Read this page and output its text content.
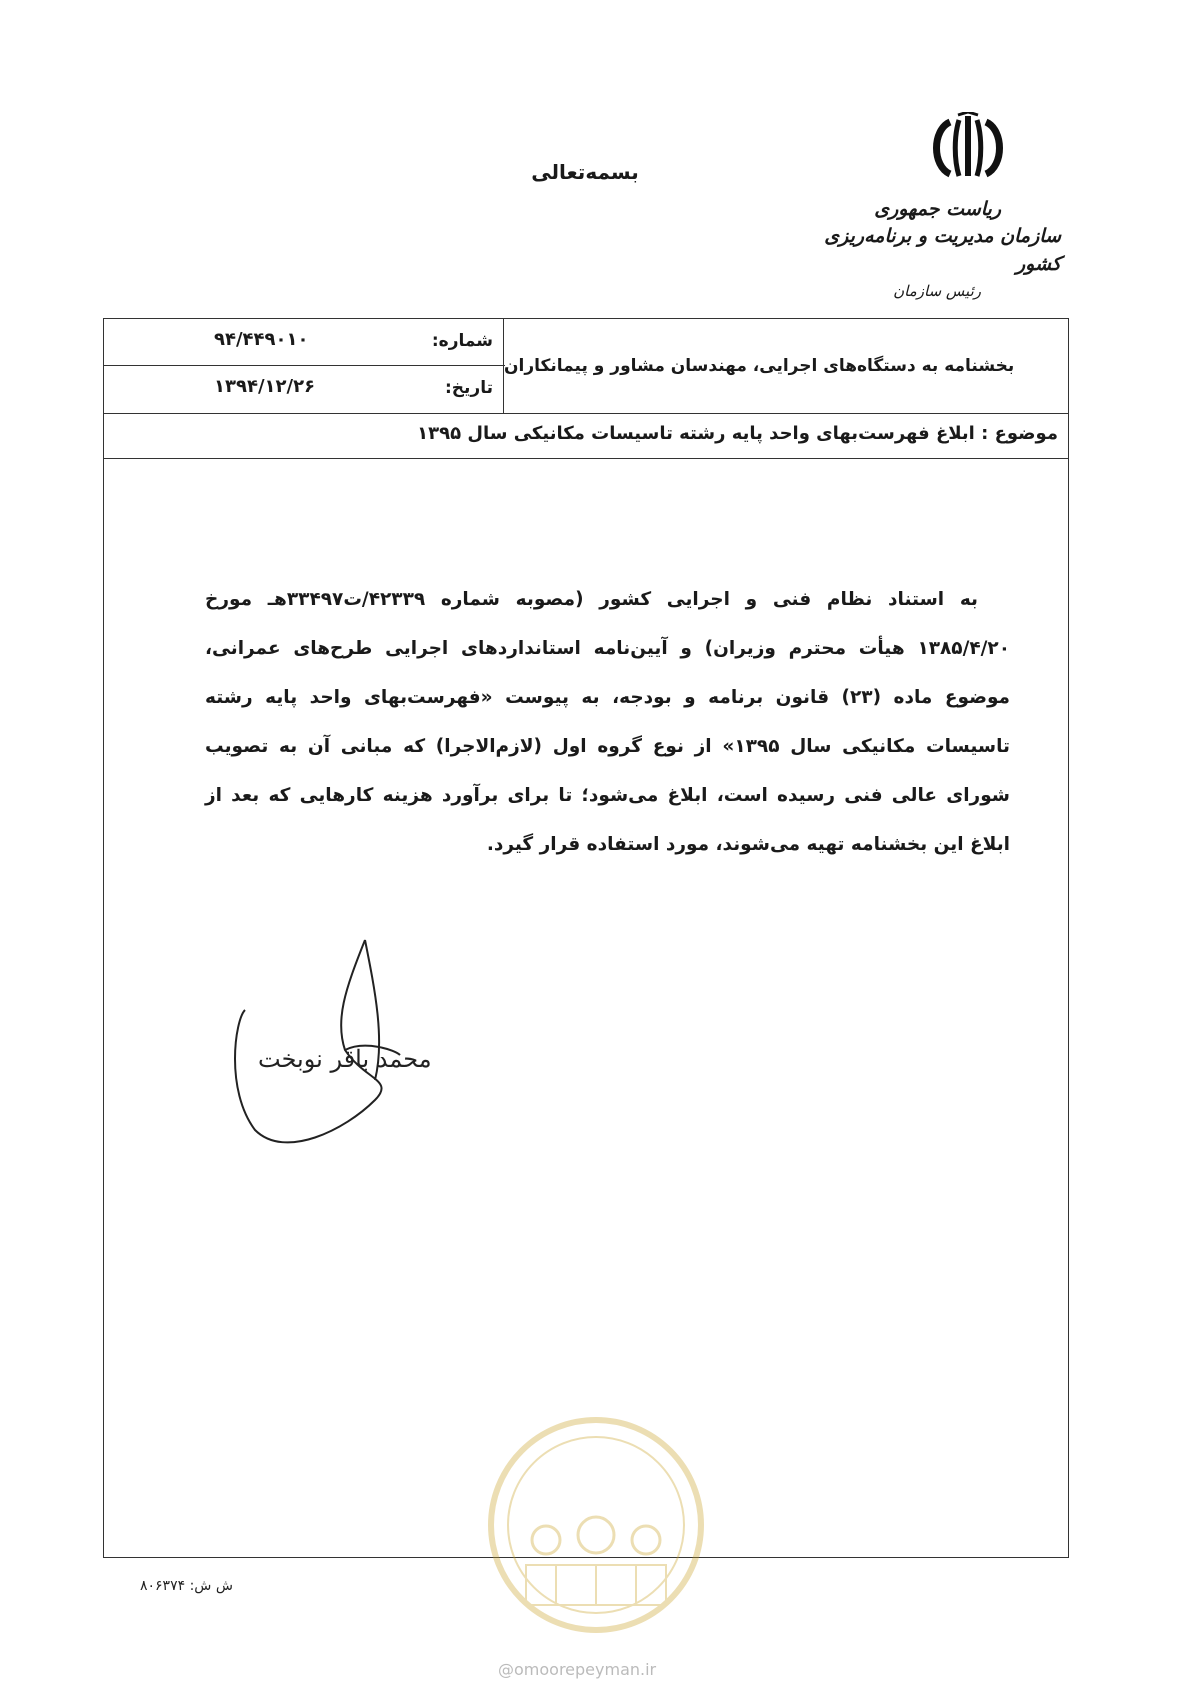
ریاست جمهوری
سازمان مدیریت و برنامه‌ریزی کشور
رئیس سازمان
بسمه‌تعالی
بخشنامه به دستگاه‌های اجرایی، مهندسان مشاور و پیمانکاران
شماره:
۹۴/۴۴۹۰۱۰
تاریخ:
۱۳۹۴/۱۲/۲۶
موضوع : ابلاغ فهرست‌بهای واحد پایه رشته تاسیسات مکانیکی سال ۱۳۹۵

به استناد نظام فنی و اجرایی کشور (مصوبه شماره ۴۲۳۳۹/ت۳۳۴۹۷هـ مورخ ۱۳۸۵/۴/۲۰ هیأت محترم وزیران) و آیین‌نامه استانداردهای اجرایی طرح‌های عمرانی، موضوع ماده (۲۳) قانون برنامه و بودجه، به پیوست «فهرست‌بهای واحد پایه رشته تاسیسات مکانیکی سال ۱۳۹۵» از نوع گروه اول (لازم‌الاجرا) که مبانی آن به تصویب شورای عالی فنی رسیده است، ابلاغ می‌شود؛ تا برای برآورد هزینه کارهایی که بعد از ابلاغ این بخشنامه تهیه می‌شوند، مورد استفاده قرار گیرد.

محمد باقر نوبخت
ش ش: ۸۰۶۳۷۴
@omoorepeyman.ir
